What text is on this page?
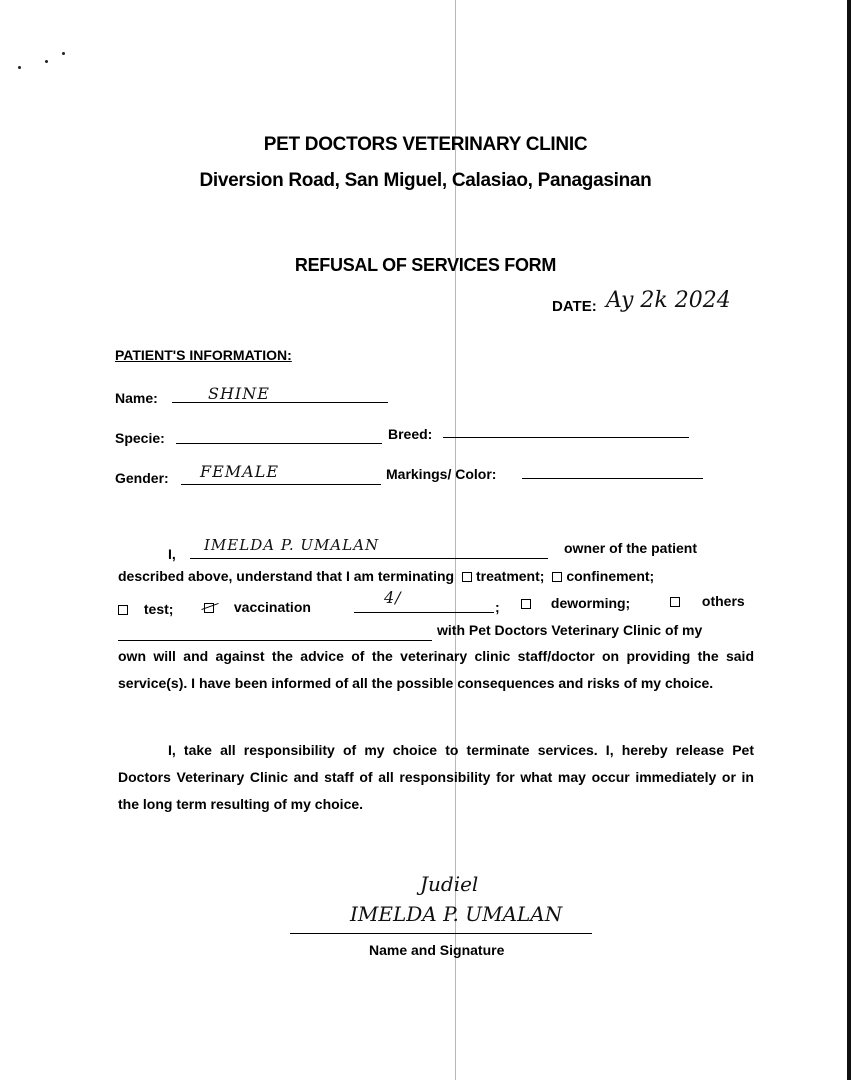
PET DOCTORS VETERINARY CLINIC
Diversion Road, San Miguel, Calasiao, Panagasinan
REFUSAL OF SERVICES FORM
DATE: Ay 2k 2024
PATIENT'S INFORMATION:
Name:	SHINE
Specie:	Breed:
Gender: FEMALE	Markings/ Color:
I, IMELDA P. UMALAN	owner of the patient
described above, understand that I am terminating treatment; confinement;
test;	vaccination	4/	;	deworming;	others
with Pet Doctors Veterinary Clinic of my
own will and against the advice of the veterinary clinic staff/doctor on providing the said service(s). I have been informed of all the possible consequences and risks of my choice.
I, take all responsibility of my choice to terminate services. I, hereby release Pet Doctors Veterinary Clinic and staff of all responsibility for what may occur immediately or in the long term resulting of my choice.
Judiel
IMELDA P. UMALAN
Name and Signature
